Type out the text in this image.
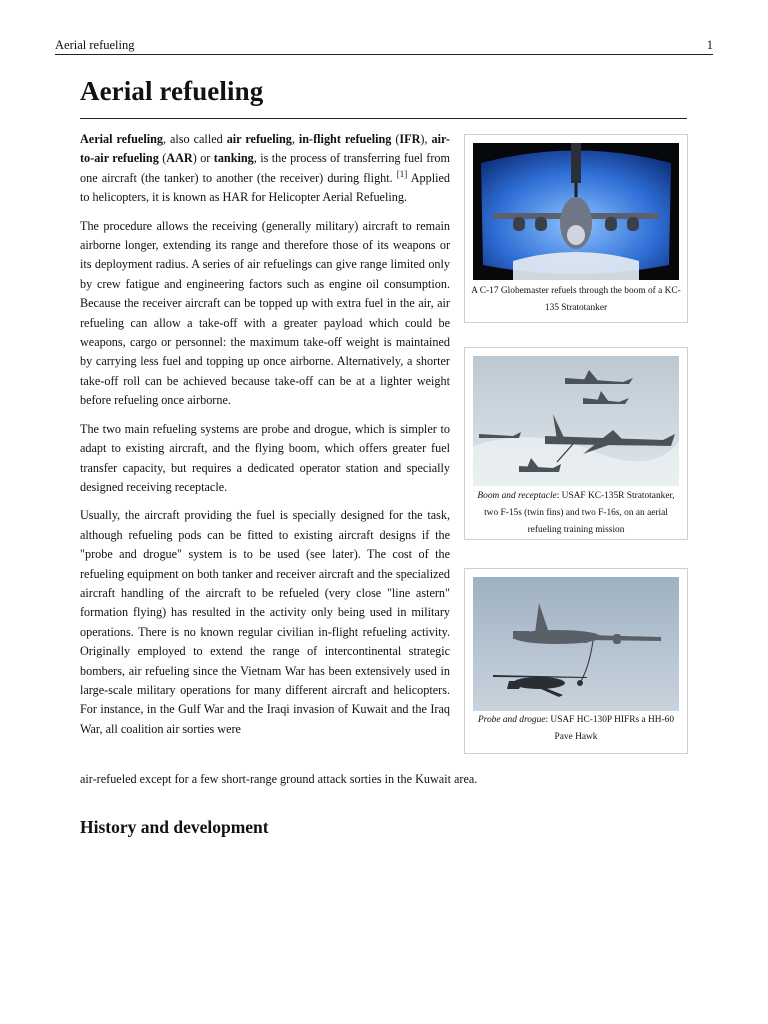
Aerial refueling	1
Aerial refueling

Aerial refueling, also called air refueling, in-flight refueling (IFR), air-to-air refueling (AAR) or tanking, is the process of transferring fuel from one aircraft (the tanker) to another (the receiver) during flight. [1] Applied to helicopters, it is known as HAR for Helicopter Aerial Refueling.

The procedure allows the receiving (generally military) aircraft to remain airborne longer, extending its range and therefore those of its weapons or its deployment radius. A series of air refuelings can give range limited only by crew fatigue and engineering factors such as engine oil consumption. Because the receiver aircraft can be topped up with extra fuel in the air, air refueling can allow a take-off with a greater payload which could be weapons, cargo or personnel: the maximum take-off weight is maintained by carrying less fuel and topping up once airborne. Alternatively, a shorter take-off roll can be achieved because take-off can be at a lighter weight before refueling once airborne.

The two main refueling systems are probe and drogue, which is simpler to adapt to existing aircraft, and the flying boom, which offers greater fuel transfer capacity, but requires a dedicated operator station and specially designed receiving receptacle.

Usually, the aircraft providing the fuel is specially designed for the task, although refueling pods can be fitted to existing aircraft designs if the "probe and drogue" system is to be used (see later). The cost of the refueling equipment on both tanker and receiver aircraft and the specialized aircraft handling of the aircraft to be refueled (very close "line astern" formation flying) has resulted in the activity only being used in military operations. There is no known regular civilian in-flight refueling activity. Originally employed to extend the range of intercontinental strategic bombers, air refueling since the Vietnam War has been extensively used in large-scale military operations for many different aircraft and helicopters. For instance, in the Gulf War and the Iraqi invasion of Kuwait and the Iraq War, all coalition air sorties were

air-refueled except for a few short-range ground attack sorties in the Kuwait area.
History and development
A C-17 Globemaster refuels through the boom of a KC-135 Stratotanker
Boom and receptacle: USAF KC-135R Stratotanker, two F-15s (twin fins) and two F-16s, on an aerial refueling training mission
Probe and drogue: USAF HC-130P HIFRs a HH-60 Pave Hawk
